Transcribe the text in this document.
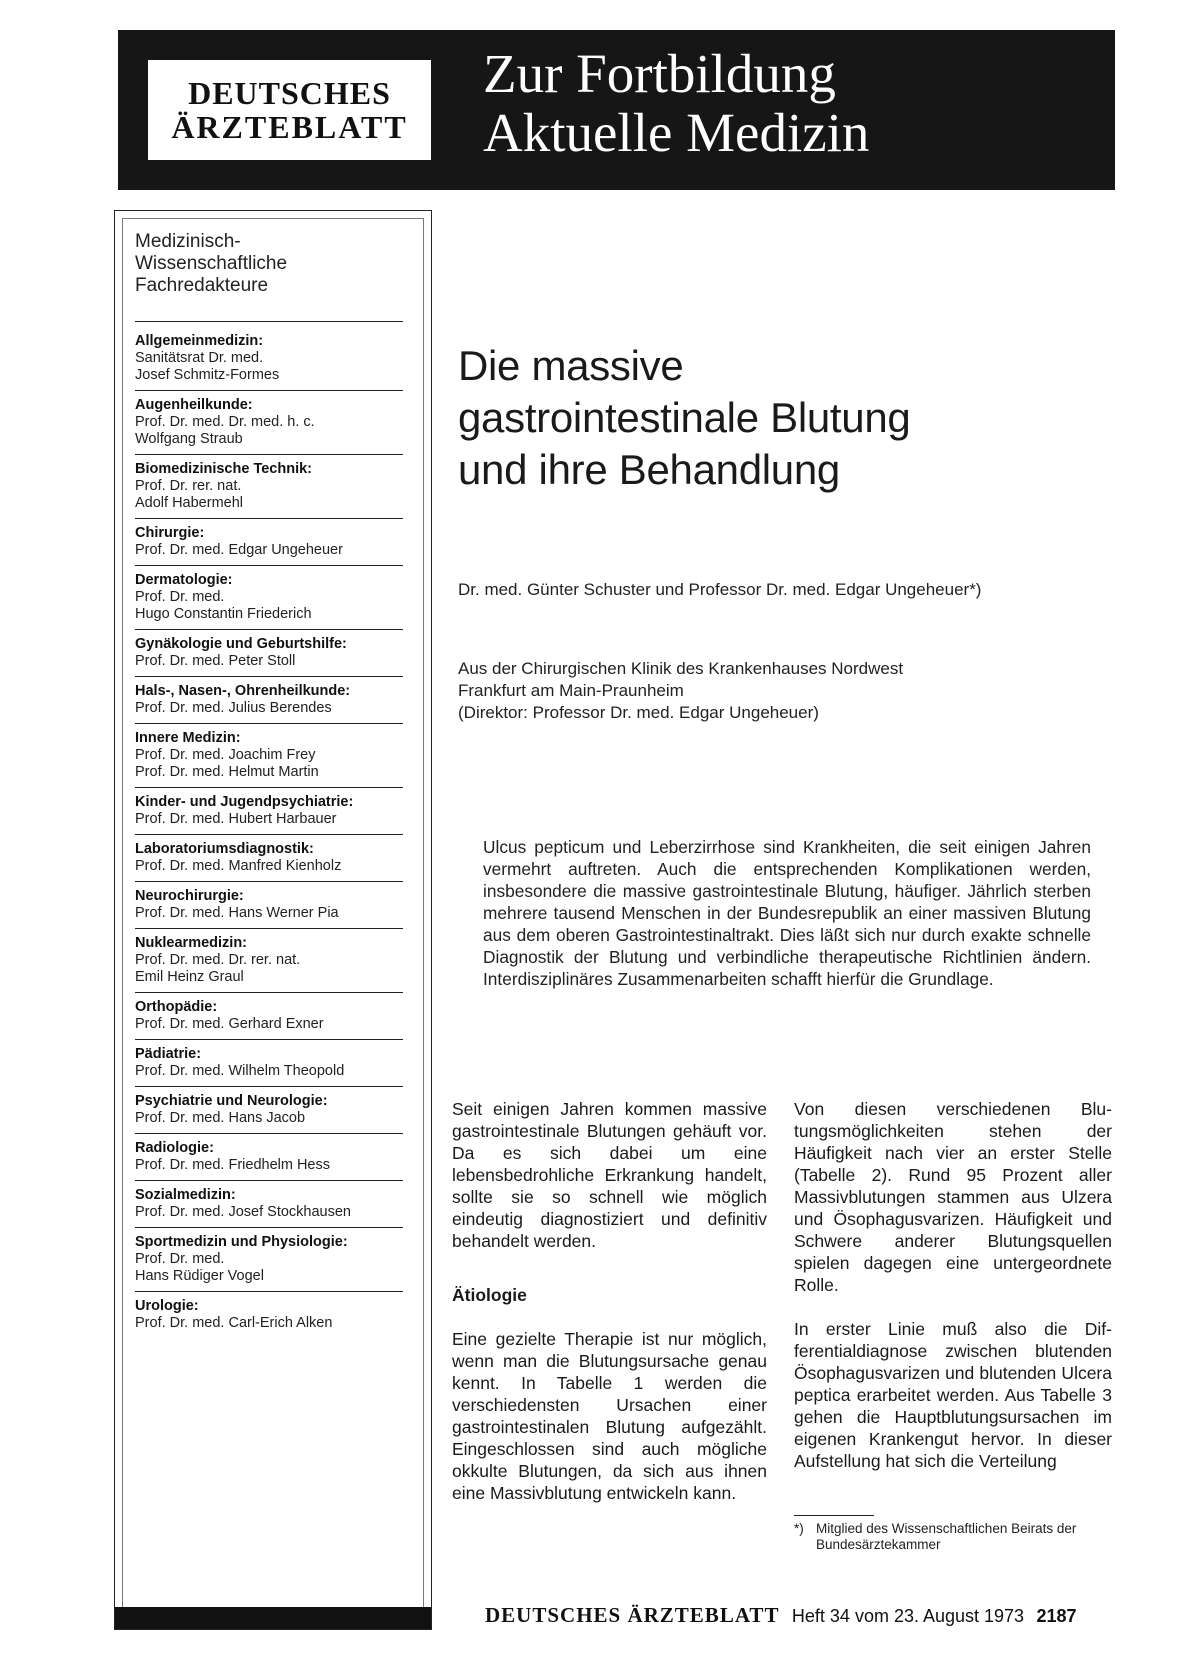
DEUTSCHES
ÄRZTEBLATT
Zur Fortbildung
Aktuelle Medizin
Medizinisch-
Wissenschaftliche
Fachredakteure
Allgemeinmedizin:
Sanitätsrat Dr. med.
Josef Schmitz-Formes
Augenheilkunde:
Prof. Dr. med. Dr. med. h. c.
Wolfgang Straub
Biomedizinische Technik:
Prof. Dr. rer. nat.
Adolf Habermehl
Chirurgie:
Prof. Dr. med. Edgar Ungeheuer
Dermatologie:
Prof. Dr. med.
Hugo Constantin Friederich
Gynäkologie und Geburtshilfe:
Prof. Dr. med. Peter Stoll
Hals-, Nasen-, Ohrenheilkunde:
Prof. Dr. med. Julius Berendes
Innere Medizin:
Prof. Dr. med. Joachim Frey
Prof. Dr. med. Helmut Martin
Kinder- und Jugendpsychiatrie:
Prof. Dr. med. Hubert Harbauer
Laboratoriumsdiagnostik:
Prof. Dr. med. Manfred Kienholz
Neurochirurgie:
Prof. Dr. med. Hans Werner Pia
Nuklearmedizin:
Prof. Dr. med. Dr. rer. nat.
Emil Heinz Graul
Orthopädie:
Prof. Dr. med. Gerhard Exner
Pädiatrie:
Prof. Dr. med. Wilhelm Theopold
Psychiatrie und Neurologie:
Prof. Dr. med. Hans Jacob
Radiologie:
Prof. Dr. med. Friedhelm Hess
Sozialmedizin:
Prof. Dr. med. Josef Stockhausen
Sportmedizin und Physiologie:
Prof. Dr. med.
Hans Rüdiger Vogel
Urologie:
Prof. Dr. med. Carl-Erich Alken
Die massive
gastrointestinale Blutung
und ihre Behandlung
Dr. med. Günter Schuster und Professor Dr. med. Edgar Ungeheuer*)
Aus der Chirurgischen Klinik des Krankenhauses Nordwest
Frankfurt am Main-Praunheim
(Direktor: Professor Dr. med. Edgar Ungeheuer)
Ulcus pepticum und Leberzirrhose sind Krankheiten, die seit einigen Jahren vermehrt auftreten. Auch die entsprechenden Komplikationen werden, insbesondere die massive gastrointestinale Blutung, häufiger. Jährlich sterben mehrere tausend Menschen in der Bundesrepublik an einer massiven Blutung aus dem oberen Gastrointestinaltrakt. Dies läßt sich nur durch exakte schnelle Diagnostik der Blutung und verbindliche therapeutische Richtlinien ändern. Interdisziplinäres Zusammenarbeiten schafft hierfür die Grundlage.

Seit einigen Jahren kommen massive gastrointestinale Blutungen gehäuft vor. Da es sich dabei um eine lebensbedrohliche Erkrankung handelt, sollte sie so schnell wie möglich eindeutig diagnostiziert und definitiv behandelt werden.

Ätiologie

Eine gezielte Therapie ist nur möglich, wenn man die Blutungsursache genau kennt. In Tabelle 1 werden die verschiedensten Ursachen einer gastrointestinalen Blutung aufgezählt. Eingeschlossen sind auch mögliche okkulte Blutungen, da sich aus ihnen eine Massivblutung entwickeln kann.

Von diesen verschiedenen Blutungsmöglichkeiten stehen der Häufigkeit nach vier an erster Stelle (Tabelle 2). Rund 95 Prozent aller Massivblutungen stammen aus Ulzera und Ösophagusvarizen. Häufigkeit und Schwere anderer Blutungsquellen spielen dagegen eine untergeordnete Rolle.

In erster Linie muß also die Differentialdiagnose zwischen blutenden Ösophagusvarizen und blutenden Ulcera peptica erarbeitet werden. Aus Tabelle 3 gehen die Hauptblutungsursachen im eigenen Krankengut hervor. In dieser Aufstellung hat sich die Verteilung

*) Mitglied des Wissenschaftlichen Beirats der Bundesärztekammer
DEUTSCHES ÄRZTEBLATT Heft 34 vom 23. August 1973 2187
